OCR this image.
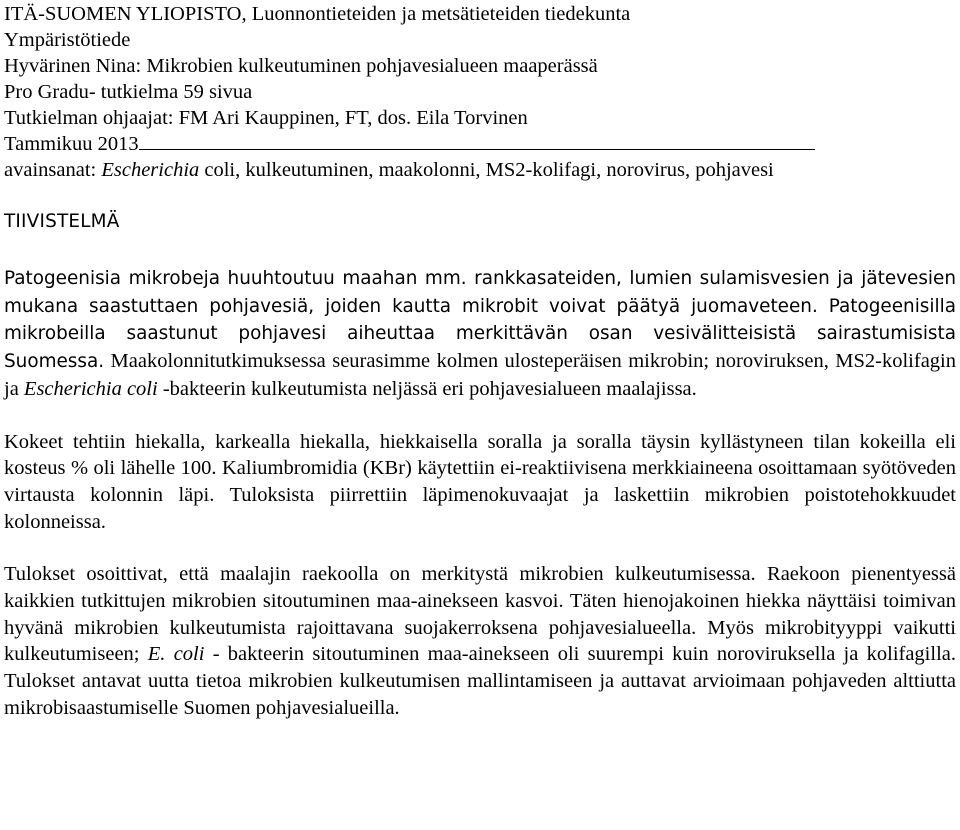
ITÄ-SUOMEN YLIOPISTO, Luonnontieteiden ja metsätieteiden tiedekunta
Ympäristötiede
Hyvärinen Nina: Mikrobien kulkeutuminen pohjavesialueen maaperässä
Pro Gradu- tutkielma 59 sivua
Tutkielman ohjaajat: FM Ari Kauppinen, FT, dos. Eila Torvinen
Tammikuu 2013
avainsanat: Escherichia coli, kulkeutuminen, maakolonni, MS2-kolifagi, norovirus, pohjavesi
TIIVISTELMÄ

Patogeenisia mikrobeja huuhtoutuu maahan mm. rankkasateiden, lumien sulamisvesien ja jätevesien mukana saastuttaen pohjavesiä, joiden kautta mikrobit voivat päätyä juomaveteen. Patogeenisilla mikrobeilla saastunut pohjavesi aiheuttaa merkittävän osan vesivälitteisistä sairastumisista Suomessa. Maakolonnitutkimuksessa seurasimme kolmen ulosteperäisen mikrobin; noroviruksen, MS2-kolifagin ja Escherichia coli -bakteerin kulkeutumista neljässä eri pohjavesialueen maalajissa.

Kokeet tehtiin hiekalla, karkealla hiekalla, hiekkaisella soralla ja soralla täysin kyllästyneen tilan kokeilla eli kosteus % oli lähelle 100. Kaliumbromidia (KBr) käytettiin ei-reaktiivisena merkkiaineena osoittamaan syötöveden virtausta kolonnin läpi. Tuloksista piirrettiin läpimenokuvaajat ja laskettiin mikrobien poistotehokkuudet kolonneissa.

Tulokset osoittivat, että maalajin raekoolla on merkitystä mikrobien kulkeutumisessa. Raekoon pienentyessä kaikkien tutkittujen mikrobien sitoutuminen maa-ainekseen kasvoi. Täten hienojakoinen hiekka näyttäisi toimivan hyvänä mikrobien kulkeutumista rajoittavana suojakerroksena pohjavesialueella. Myös mikrobityyppi vaikutti kulkeutumiseen; E. coli - bakteerin sitoutuminen maa-ainekseen oli suurempi kuin noroviruksella ja kolifagilla. Tulokset antavat uutta tietoa mikrobien kulkeutumisen mallintamiseen ja auttavat arvioimaan pohjaveden alttiutta mikrobisaastumiselle Suomen pohjavesialueilla.
